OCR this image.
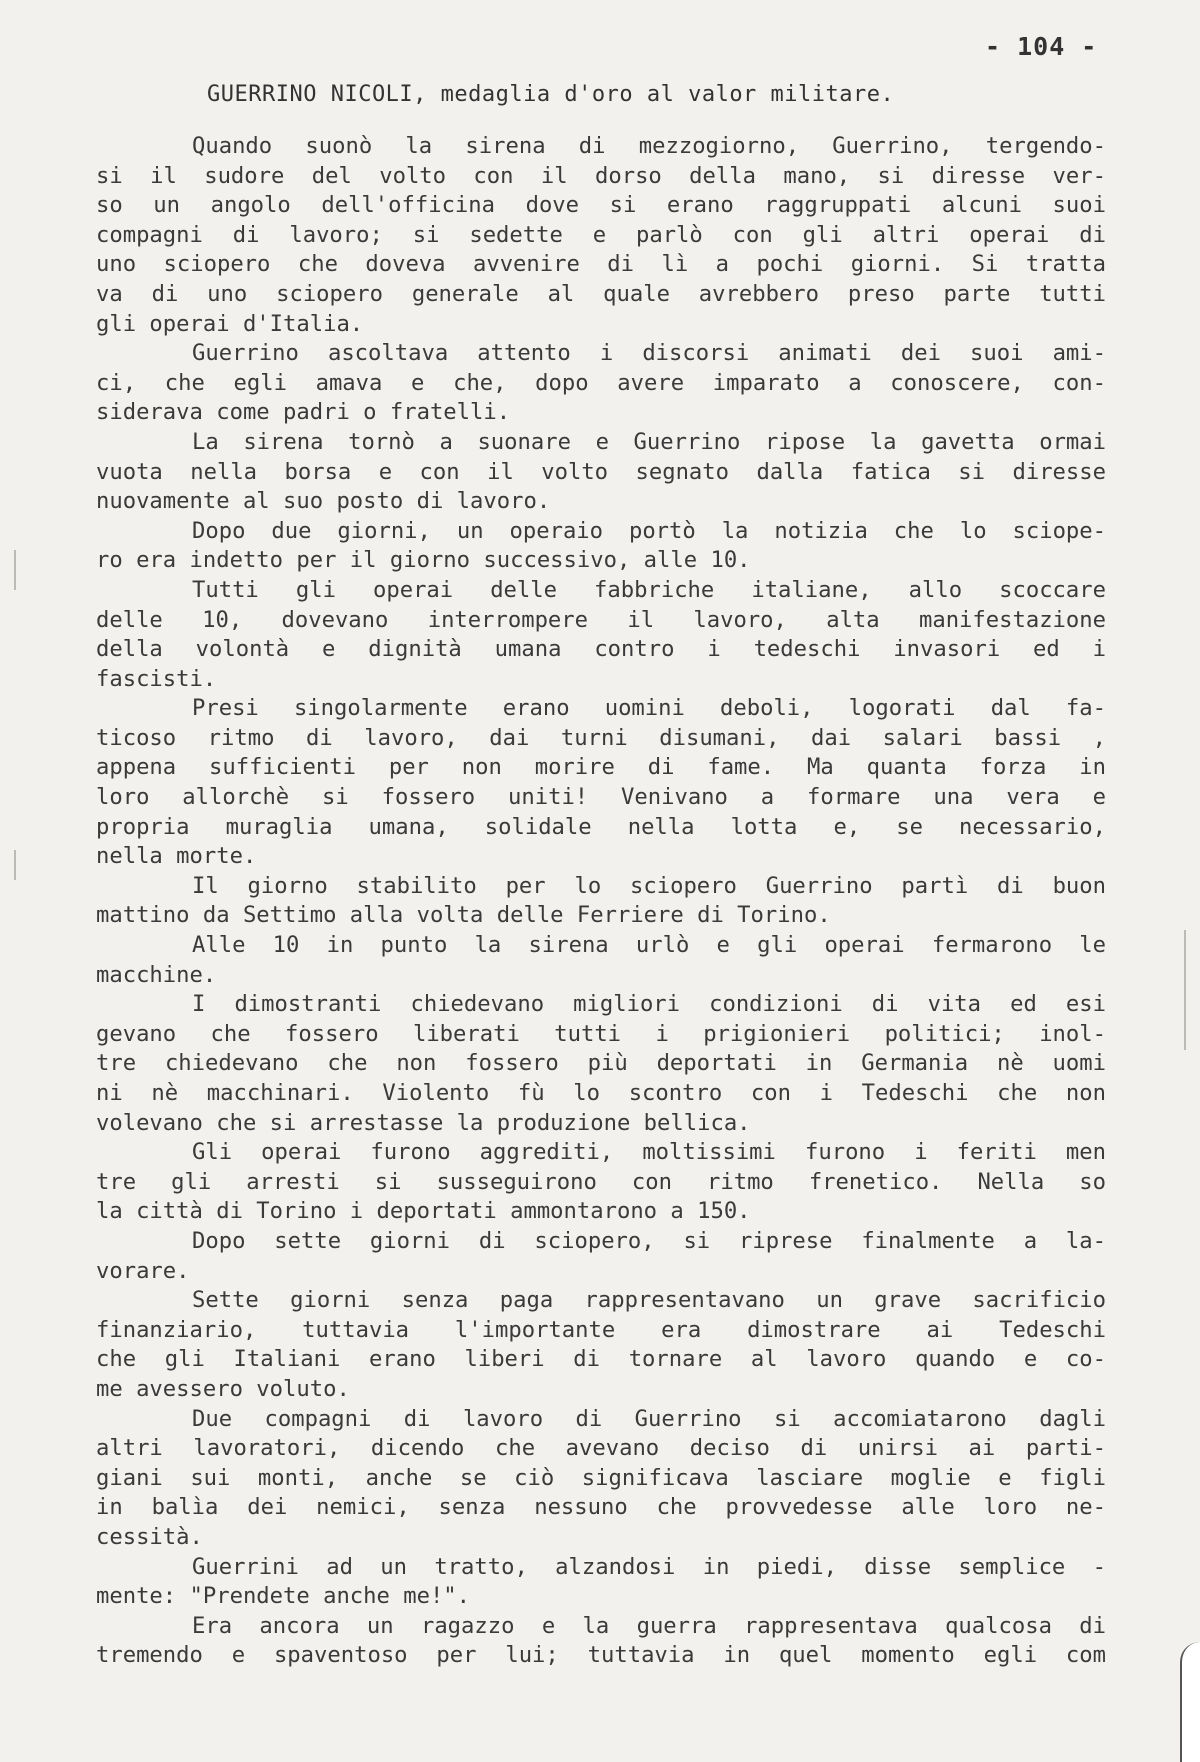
- 104 -
GUERRINO NICOLI, medaglia d'oro al valor militare.
Quando suonò la sirena di mezzogiorno, Guerrino, tergendo-
si il sudore del volto con il dorso della mano, si diresse ver-
so un angolo dell'officina dove si erano raggruppati alcuni suoi
compagni di lavoro; si sedette e parlò con gli altri operai di
uno sciopero che doveva avvenire di lì a pochi giorni. Si tratta
va di uno sciopero generale al quale avrebbero preso parte tutti
gli operai d'Italia.
Guerrino ascoltava attento i discorsi animati dei suoi ami-
ci, che egli amava e che, dopo avere imparato a conoscere, con-
siderava come padri o fratelli.
La sirena tornò a suonare e Guerrino ripose la gavetta ormai
vuota nella borsa e con il volto segnato dalla fatica si diresse
nuovamente al suo posto di lavoro.
Dopo due giorni, un operaio portò la notizia che lo sciope-
ro era indetto per il giorno successivo, alle 10.
Tutti gli operai delle fabbriche italiane, allo scoccare
delle 10, dovevano interrompere il lavoro, alta manifestazione
della volontà e dignità umana contro i tedeschi invasori ed i
fascisti.
Presi singolarmente erano uomini deboli, logorati dal fa-
ticoso ritmo di lavoro, dai turni disumani, dai salari bassi ,
appena sufficienti per non morire di fame. Ma quanta forza in
loro allorchè si fossero uniti! Venivano a formare una vera e
propria muraglia umana, solidale nella lotta e, se necessario,
nella morte.
Il giorno stabilito per lo sciopero Guerrino partì di buon
mattino da Settimo alla volta delle Ferriere di Torino.
Alle 10 in punto la sirena urlò e gli operai fermarono le
macchine.
I dimostranti chiedevano migliori condizioni di vita ed esi
gevano che fossero liberati tutti i prigionieri politici; inol-
tre chiedevano che non fossero più deportati in Germania nè uomi
ni nè macchinari. Violento fù lo scontro con i Tedeschi che non
volevano che si arrestasse la produzione bellica.
Gli operai furono aggrediti, moltissimi furono i feriti men
tre gli arresti si susseguirono con ritmo frenetico. Nella so
la città di Torino i deportati ammontarono a 150.
Dopo sette giorni di sciopero, si riprese finalmente a la-
vorare.
Sette giorni senza paga rappresentavano un grave sacrificio
finanziario, tuttavia l'importante era dimostrare ai Tedeschi
che gli Italiani erano liberi di tornare al lavoro quando e co-
me avessero voluto.
Due compagni di lavoro di Guerrino si accomiatarono dagli
altri lavoratori, dicendo che avevano deciso di unirsi ai parti-
giani sui monti, anche se ciò significava lasciare moglie e figli
in balìa dei nemici, senza nessuno che provvedesse alle loro ne-
cessità.
Guerrini ad un tratto, alzandosi in piedi, disse semplice -
mente: "Prendete anche me!".
Era ancora un ragazzo e la guerra rappresentava qualcosa di
tremendo e spaventoso per lui; tuttavia in quel momento egli com
